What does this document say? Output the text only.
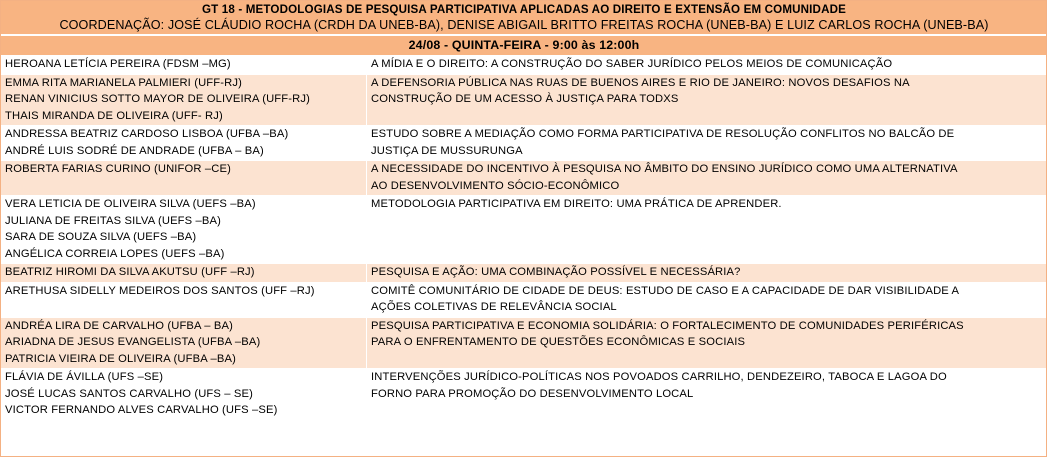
GT 18 - METODOLOGIAS DE PESQUISA PARTICIPATIVA APLICADAS AO DIREITO E EXTENSÃO EM COMUNIDADE
COORDENAÇÃO: JOSÉ CLÁUDIO ROCHA (CRDH DA UNEB-BA), DENISE ABIGAIL BRITTO FREITAS ROCHA (UNEB-BA) E LUIZ CARLOS ROCHA (UNEB-BA)	

24/08 - QUINTA-FEIRA - 9:00 às 12:00h	

HEROANA LETÍCIA PEREIRA (FDSM –MG)	A MÍDIA E O DIREITO: A CONSTRUÇÃO DO SABER JURÍDICO PELOS MEIOS DE COMUNICAÇÃO

EMMA RITA MARIANELA PALMIERI (UFF-RJ)
RENAN VINICIUS SOTTO MAYOR DE OLIVEIRA (UFF-RJ)
THAIS MIRANDA DE OLIVEIRA (UFF- RJ)	A DEFENSORIA PÚBLICA NAS RUAS DE BUENOS AIRES E RIO DE JANEIRO: NOVOS DESAFIOS NA
CONSTRUÇÃO DE UM ACESSO À JUSTIÇA PARA TODXS

ANDRESSA BEATRIZ CARDOSO LISBOA (UFBA –BA)
ANDRÉ LUIS SODRÉ DE ANDRADE (UFBA – BA)	ESTUDO SOBRE A MEDIAÇÃO COMO FORMA PARTICIPATIVA DE RESOLUÇÃO CONFLITOS NO BALCÃO DE
JUSTIÇA DE MUSSURUNGA

ROBERTA FARIAS CURINO (UNIFOR –CE)	A NECESSIDADE DO INCENTIVO À PESQUISA NO ÂMBITO DO ENSINO JURÍDICO COMO UMA ALTERNATIVA
AO DESENVOLVIMENTO SÓCIO-ECONÔMICO

VERA LETICIA DE OLIVEIRA SILVA (UEFS –BA)
JULIANA DE FREITAS SILVA (UEFS –BA)
SARA DE SOUZA SILVA (UEFS –BA)
ANGÉLICA CORREIA LOPES (UEFS –BA)	METODOLOGIA PARTICIPATIVA EM DIREITO: UMA PRÁTICA DE APRENDER.

BEATRIZ HIROMI DA SILVA AKUTSU (UFF –RJ)	PESQUISA E AÇÃO: UMA COMBINAÇÃO POSSÍVEL E NECESSÁRIA?

ARETHUSA SIDELLY MEDEIROS DOS SANTOS (UFF –RJ)	COMITÊ COMUNITÁRIO DE CIDADE DE DEUS: ESTUDO DE CASO E A CAPACIDADE DE DAR VISIBILIDADE A
AÇÕES COLETIVAS DE RELEVÂNCIA SOCIAL

ANDRÉA LIRA DE CARVALHO (UFBA – BA)
ARIADNA DE JESUS EVANGELISTA (UFBA –BA)
PATRICIA VIEIRA DE OLIVEIRA (UFBA –BA)	PESQUISA PARTICIPATIVA E ECONOMIA SOLIDÁRIA: O FORTALECIMENTO DE COMUNIDADES PERIFÉRICAS
PARA O ENFRENTAMENTO DE QUESTÕES ECONÔMICAS E SOCIAIS

FLÁVIA DE ÁVILLA (UFS –SE)
JOSÉ LUCAS SANTOS CARVALHO (UFS – SE)
VICTOR FERNANDO ALVES CARVALHO (UFS –SE)	INTERVENÇÕES JURÍDICO-POLÍTICAS NOS POVOADOS CARRILHO, DENDEZEIRO, TABOCA E LAGOA DO
FORNO PARA PROMOÇÃO DO DESENVOLVIMENTO LOCAL
